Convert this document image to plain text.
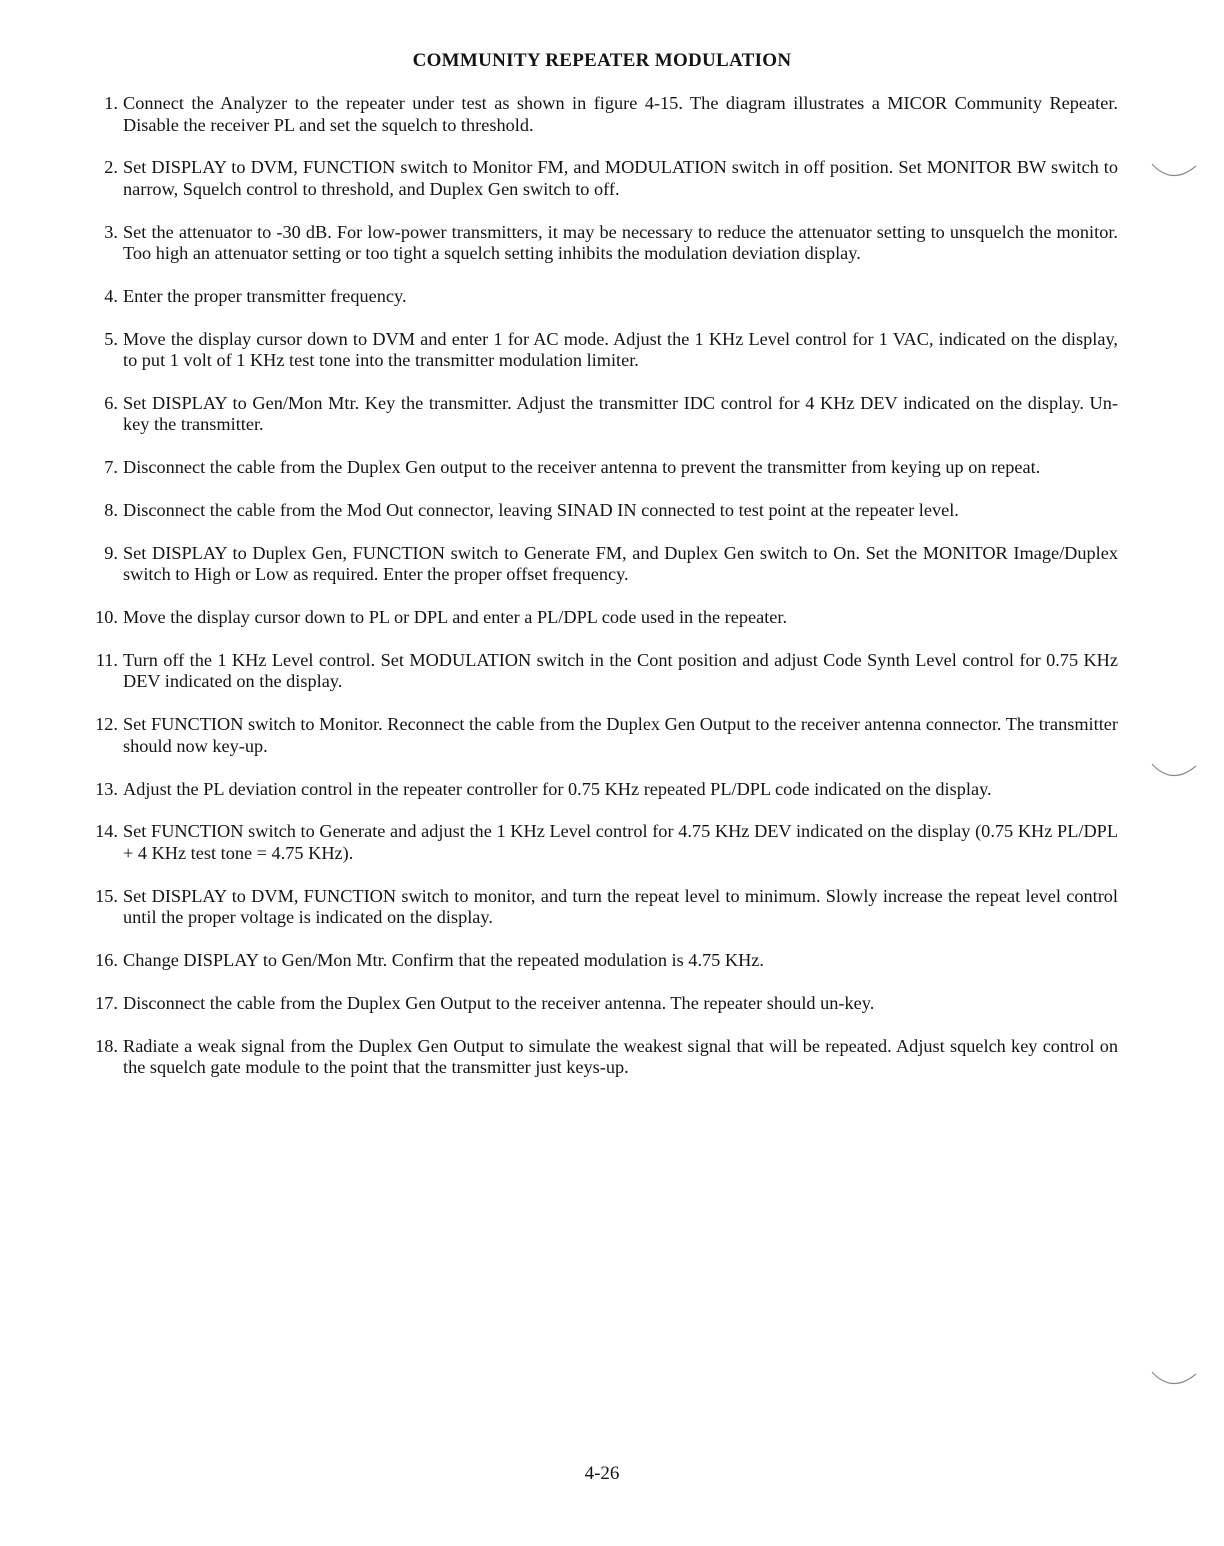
COMMUNITY REPEATER MODULATION
1. Connect the Analyzer to the repeater under test as shown in figure 4-15. The diagram illustrates a MICOR Community Repeater. Disable the receiver PL and set the squelch to threshold.
2. Set DISPLAY to DVM, FUNCTION switch to Monitor FM, and MODULATION switch in off position. Set MONITOR BW switch to narrow, Squelch control to threshold, and Duplex Gen switch to off.
3. Set the attenuator to -30 dB. For low-power transmitters, it may be necessary to reduce the attenuator setting to unsquelch the monitor. Too high an attenuator setting or too tight a squelch setting inhibits the modulation deviation display.
4. Enter the proper transmitter frequency.
5. Move the display cursor down to DVM and enter 1 for AC mode. Adjust the 1 KHz Level control for 1 VAC, indicated on the display, to put 1 volt of 1 KHz test tone into the transmitter modulation limiter.
6. Set DISPLAY to Gen/Mon Mtr. Key the transmitter. Adjust the transmitter IDC control for 4 KHz DEV indicated on the display. Un-key the transmitter.
7. Disconnect the cable from the Duplex Gen output to the receiver antenna to prevent the transmitter from keying up on repeat.
8. Disconnect the cable from the Mod Out connector, leaving SINAD IN connected to test point at the repeater level.
9. Set DISPLAY to Duplex Gen, FUNCTION switch to Generate FM, and Duplex Gen switch to On. Set the MONITOR Image/Duplex switch to High or Low as required. Enter the proper offset frequency.
10. Move the display cursor down to PL or DPL and enter a PL/DPL code used in the repeater.
11. Turn off the 1 KHz Level control. Set MODULATION switch in the Cont position and adjust Code Synth Level control for 0.75 KHz DEV indicated on the display.
12. Set FUNCTION switch to Monitor. Reconnect the cable from the Duplex Gen Output to the receiver antenna connector. The transmitter should now key-up.
13. Adjust the PL deviation control in the repeater controller for 0.75 KHz repeated PL/DPL code indicated on the display.
14. Set FUNCTION switch to Generate and adjust the 1 KHz Level control for 4.75 KHz DEV indicated on the display (0.75 KHz PL/DPL + 4 KHz test tone = 4.75 KHz).
15. Set DISPLAY to DVM, FUNCTION switch to monitor, and turn the repeat level to minimum. Slowly increase the repeat level control until the proper voltage is indicated on the display.
16. Change DISPLAY to Gen/Mon Mtr. Confirm that the repeated modulation is 4.75 KHz.
17. Disconnect the cable from the Duplex Gen Output to the receiver antenna. The repeater should un-key.
18. Radiate a weak signal from the Duplex Gen Output to simulate the weakest signal that will be repeated. Adjust squelch key control on the squelch gate module to the point that the transmitter just keys-up.
4-26
